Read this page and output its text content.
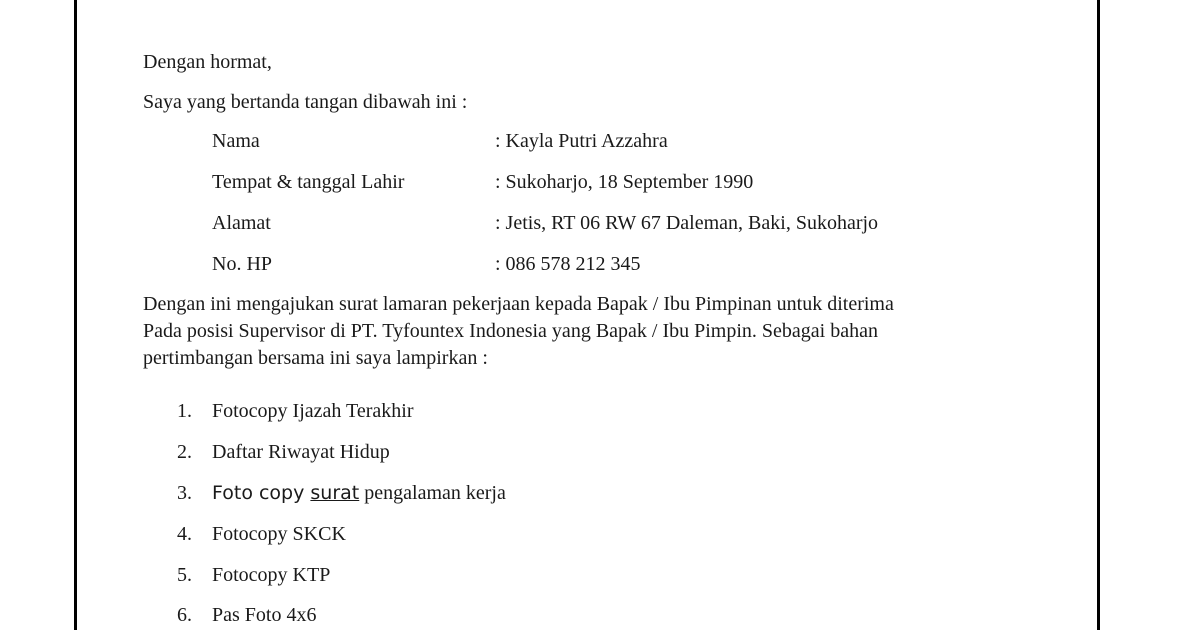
Dengan hormat,
Saya yang bertanda tangan dibawah ini :
Nama	: Kayla Putri Azzahra
Tempat & tanggal Lahir	: Sukoharjo, 18 September 1990
Alamat	: Jetis, RT 06 RW 67 Daleman, Baki, Sukoharjo
No. HP	: 086 578 212 345
Dengan ini mengajukan surat lamaran pekerjaan kepada Bapak / Ibu Pimpinan untuk diterima
Pada posisi Supervisor di PT. Tyfountex Indonesia yang Bapak / Ibu Pimpin. Sebagai bahan
pertimbangan bersama ini saya lampirkan :
1. Fotocopy Ijazah Terakhir
2. Daftar Riwayat Hidup
3. Foto copy surat pengalaman kerja
4. Fotocopy SKCK
5. Fotocopy KTP
6. Pas Foto 4x6
